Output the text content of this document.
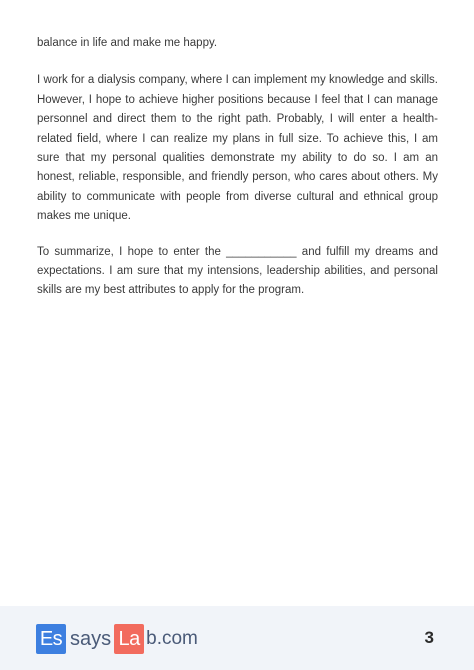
balance in life and make me happy.

I work for a dialysis company, where I can implement my knowledge and skills. However, I hope to achieve higher positions because I feel that I can manage personnel and direct them to the right path. Probably, I will enter a health-related field, where I can realize my plans in full size. To achieve this, I am sure that my personal qualities demonstrate my ability to do so. I am an honest, reliable, responsible, and friendly person, who cares about others. My ability to communicate with people from diverse cultural and ethnical group makes me unique.

To summarize, I hope to enter the ___________ and fulfill my dreams and expectations. I am sure that my intensions, leadership abilities, and personal skills are my best attributes to apply for the program.

Es says La b.com	3
